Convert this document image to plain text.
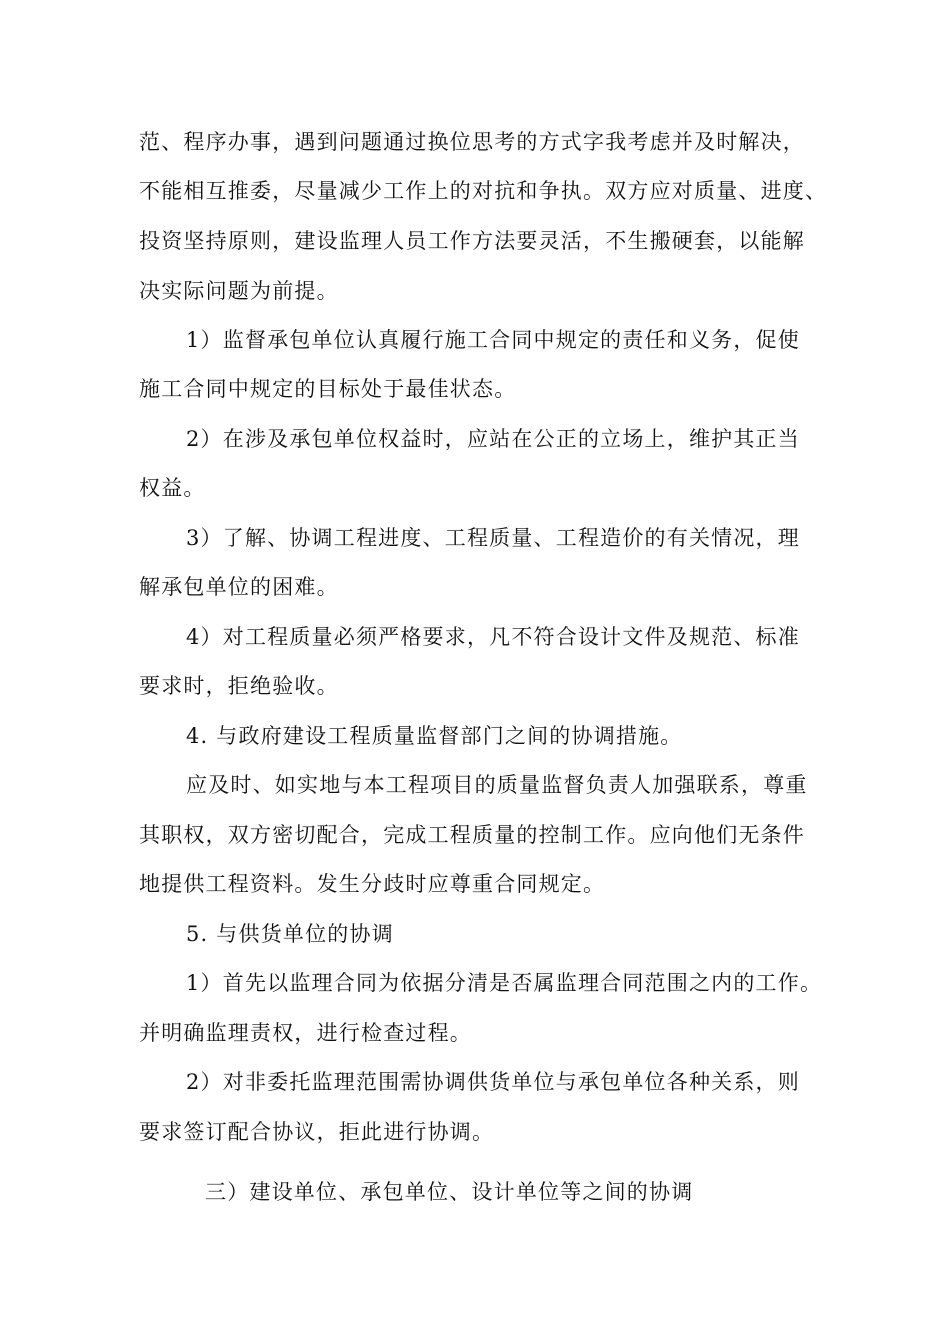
范、程序办事，遇到问题通过换位思考的方式字我考虑并及时解决，
不能相互推委，尽量减少工作上的对抗和争执。双方应对质量、进度、
投资坚持原则，建设监理人员工作方法要灵活，不生搬硬套，以能解
决实际问题为前提。
1）监督承包单位认真履行施工合同中规定的责任和义务，促使
施工合同中规定的目标处于最佳状态。
2）在涉及承包单位权益时，应站在公正的立场上，维护其正当
权益。
3）了解、协调工程进度、工程质量、工程造价的有关情况，理
解承包单位的困难。
4）对工程质量必须严格要求，凡不符合设计文件及规范、标准
要求时，拒绝验收。
4. 与政府建设工程质量监督部门之间的协调措施。
应及时、如实地与本工程项目的质量监督负责人加强联系，尊重
其职权，双方密切配合，完成工程质量的控制工作。应向他们无条件
地提供工程资料。发生分歧时应尊重合同规定。
5. 与供货单位的协调
1）首先以监理合同为依据分清是否属监理合同范围之内的工作。
并明确监理责权，进行检查过程。
2）对非委托监理范围需协调供货单位与承包单位各种关系，则
要求签订配合协议，拒此进行协调。
三）建设单位、承包单位、设计单位等之间的协调
